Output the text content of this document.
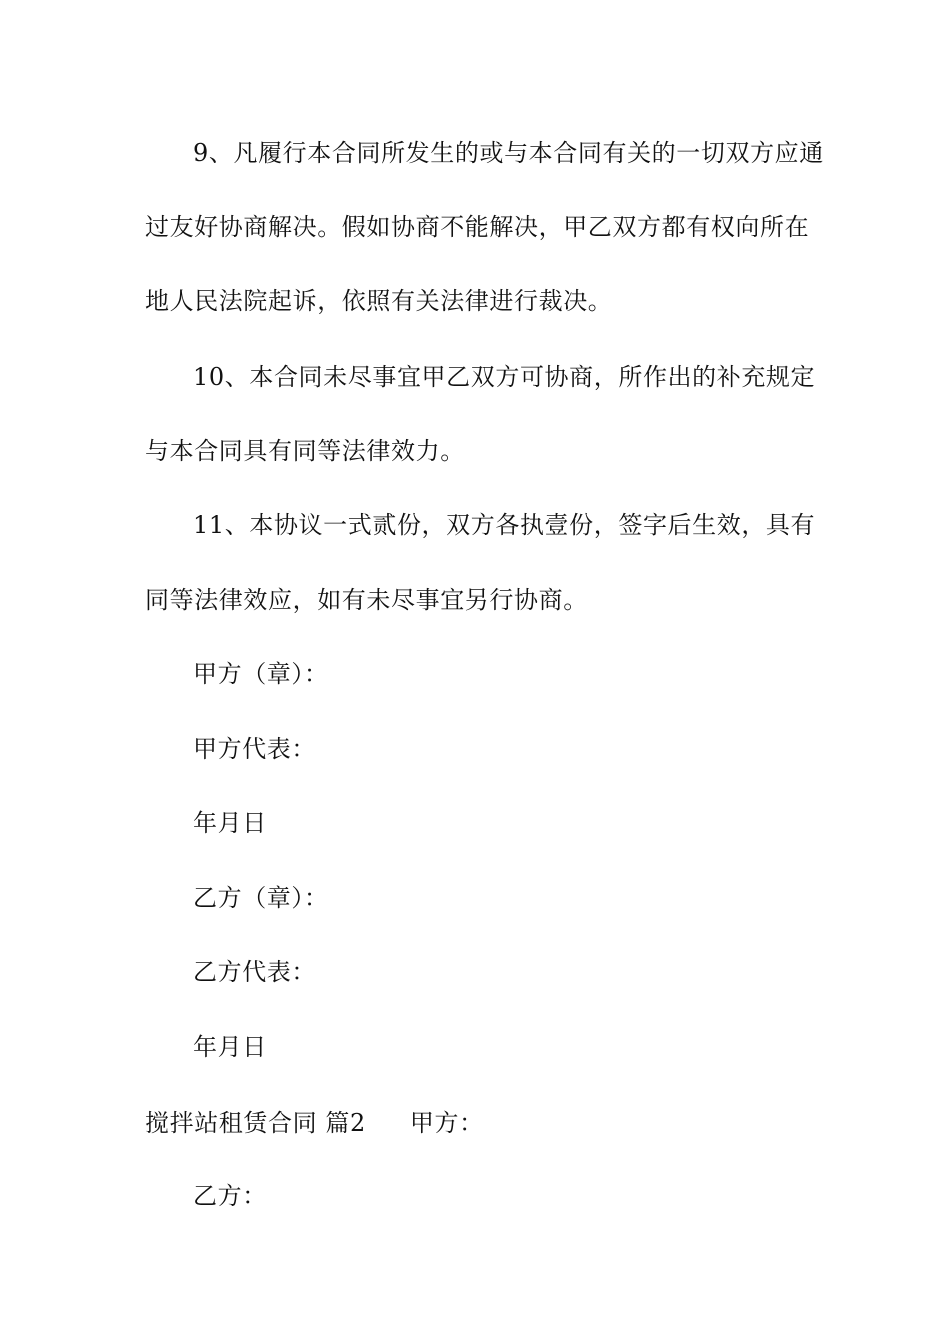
9、凡履行本合同所发生的或与本合同有关的一切双方应通
过友好协商解决。假如协商不能解决，甲乙双方都有权向所在
地人民法院起诉，依照有关法律进行裁决。
10、本合同未尽事宜甲乙双方可协商，所作出的补充规定
与本合同具有同等法律效力。
11、本协议一式贰份，双方各执壹份，签字后生效，具有
同等法律效应，如有未尽事宜另行协商。
甲方（章）：
甲方代表：
年月日
乙方（章）：
乙方代表：
年月日
搅拌站租赁合同 篇2 甲方：
乙方：
